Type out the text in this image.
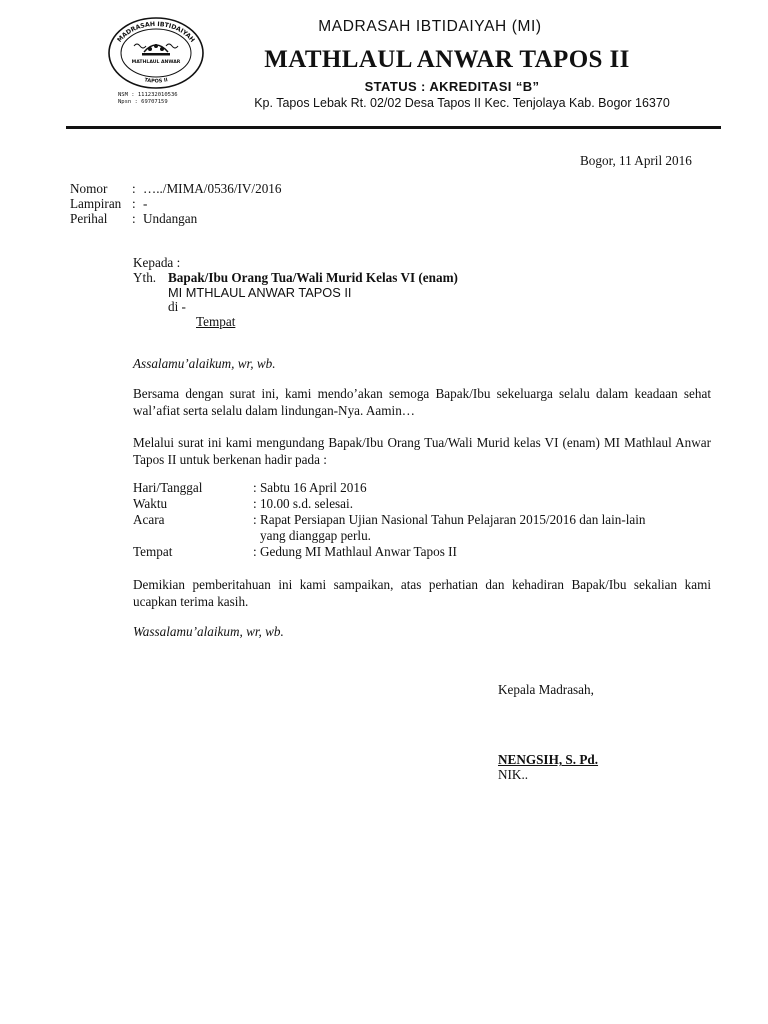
MADRASAH IBTIDAIYAH
MATHLAUL ANWAR
TAPOS II
NSM : 111232010536
Npsn : 69707159
MADRASAH IBTIDAIYAH (MI)
MATHLAUL ANWAR TAPOS II
STATUS : AKREDITASI “B”
Kp. Tapos Lebak Rt. 02/02 Desa Tapos II Kec. Tenjolaya Kab. Bogor 16370
Bogor, 11 April 2016
Nomor : …../MIMA/0536/IV/2016
Lampiran : -
Perihal : Undangan
Kepada :
Yth. Bapak/Ibu Orang Tua/Wali Murid Kelas VI (enam)
MI MTHLAUL ANWAR TAPOS II
di -
Tempat
Assalamu’alaikum, wr, wb.
Bersama dengan surat ini, kami mendo’akan semoga Bapak/Ibu sekeluarga selalu dalam keadaan sehat wal’afiat serta selalu dalam lindungan-Nya. Aamin…
Melalui surat ini kami mengundang Bapak/Ibu Orang Tua/Wali Murid kelas VI (enam) MI Mathlaul Anwar Tapos II untuk berkenan hadir pada :
Hari/Tanggal	: Sabtu 16 April 2016
Waktu	: 10.00 s.d. selesai.
Acara	: Rapat Persiapan Ujian Nasional Tahun Pelajaran 2015/2016 dan lain-lain
yang dianggap perlu.
Tempat	: Gedung MI Mathlaul Anwar Tapos II
Demikian pemberitahuan ini kami sampaikan, atas perhatian dan kehadiran Bapak/Ibu sekalian kami ucapkan terima kasih.
Wassalamu’alaikum, wr, wb.
Kepala Madrasah,
NENGSIH, S. Pd.
NIK..
